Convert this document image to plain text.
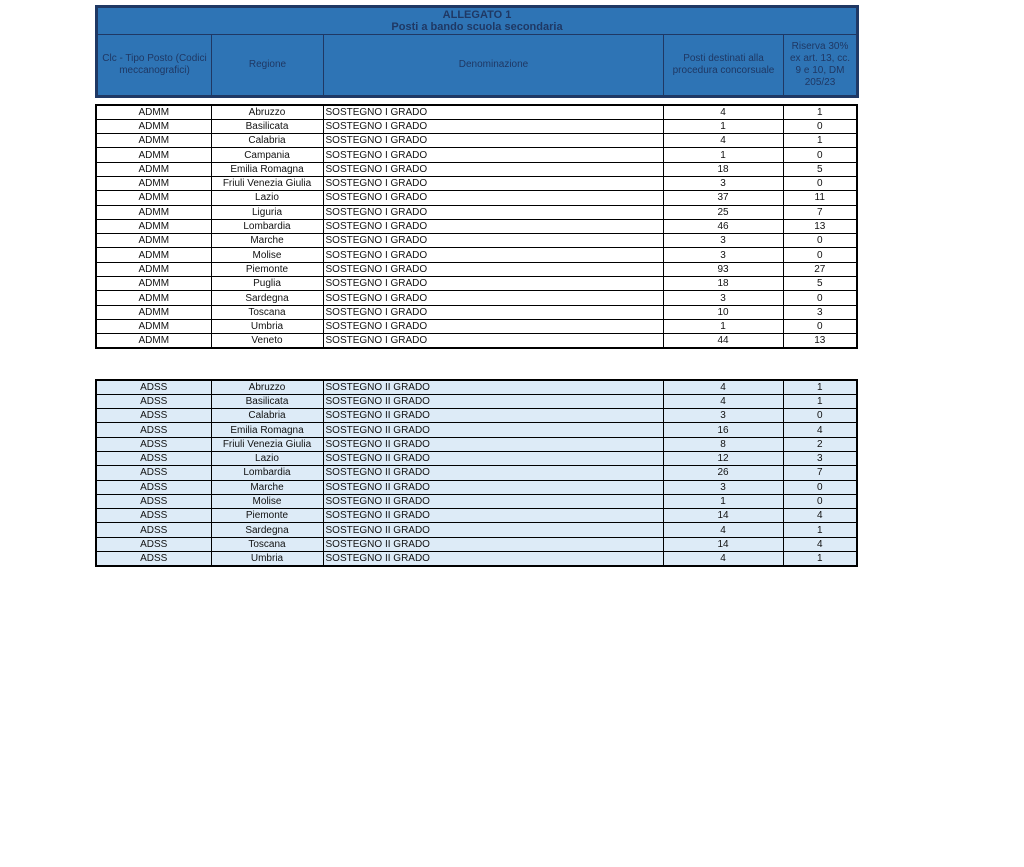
ALLEGATO 1
Posti a bando scuola secondaria

Clc - Tipo Posto (Codici meccanografici)	Regione	Denominazione	Posti destinati alla procedura concorsuale	Riserva 30% ex art. 13, cc. 9 e 10, DM 205/23
ADMM	Abruzzo	SOSTEGNO I GRADO	4	1
ADMM	Basilicata	SOSTEGNO I GRADO	1	0
ADMM	Calabria	SOSTEGNO I GRADO	4	1
ADMM	Campania	SOSTEGNO I GRADO	1	0
ADMM	Emilia Romagna	SOSTEGNO I GRADO	18	5
ADMM	Friuli Venezia Giulia	SOSTEGNO I GRADO	3	0
ADMM	Lazio	SOSTEGNO I GRADO	37	11
ADMM	Liguria	SOSTEGNO I GRADO	25	7
ADMM	Lombardia	SOSTEGNO I GRADO	46	13
ADMM	Marche	SOSTEGNO I GRADO	3	0
ADMM	Molise	SOSTEGNO I GRADO	3	0
ADMM	Piemonte	SOSTEGNO I GRADO	93	27
ADMM	Puglia	SOSTEGNO I GRADO	18	5
ADMM	Sardegna	SOSTEGNO I GRADO	3	0
ADMM	Toscana	SOSTEGNO I GRADO	10	3
ADMM	Umbria	SOSTEGNO I GRADO	1	0
ADMM	Veneto	SOSTEGNO I GRADO	44	13
ADSS	Abruzzo	SOSTEGNO II GRADO	4	1
ADSS	Basilicata	SOSTEGNO II GRADO	4	1
ADSS	Calabria	SOSTEGNO II GRADO	3	0
ADSS	Emilia Romagna	SOSTEGNO II GRADO	16	4
ADSS	Friuli Venezia Giulia	SOSTEGNO II GRADO	8	2
ADSS	Lazio	SOSTEGNO II GRADO	12	3
ADSS	Lombardia	SOSTEGNO II GRADO	26	7
ADSS	Marche	SOSTEGNO II GRADO	3	0
ADSS	Molise	SOSTEGNO II GRADO	1	0
ADSS	Piemonte	SOSTEGNO II GRADO	14	4
ADSS	Sardegna	SOSTEGNO II GRADO	4	1
ADSS	Toscana	SOSTEGNO II GRADO	14	4
ADSS	Umbria	SOSTEGNO II GRADO	4	1
